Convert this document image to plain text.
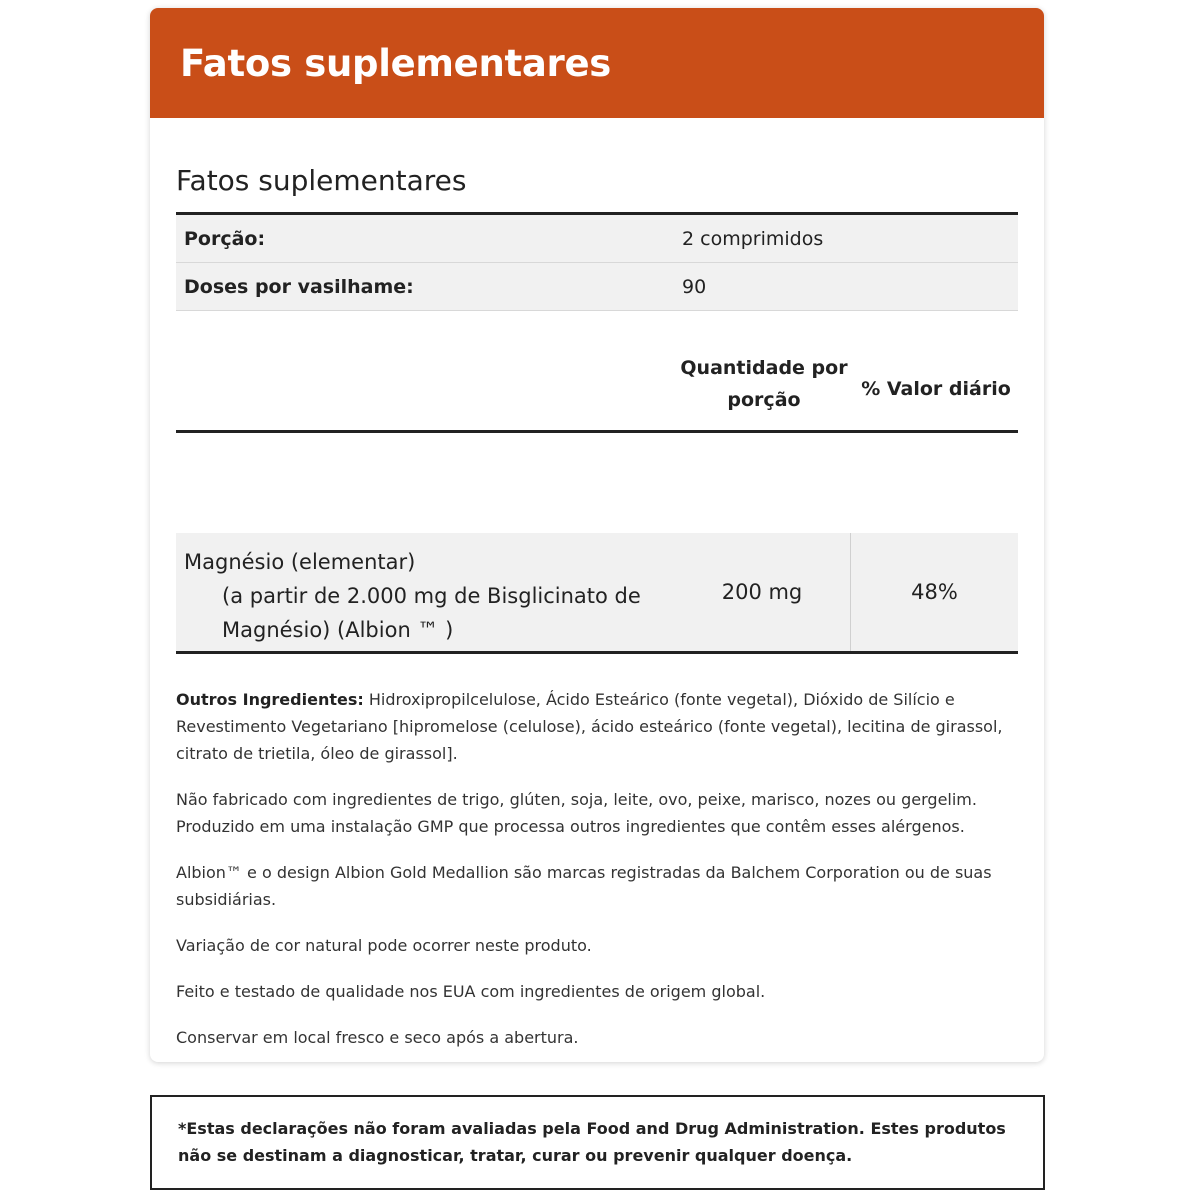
Fatos suplementares
Fatos suplementares
Porção:	2 comprimidos
Doses por vasilhame:	90
Quantidade por
porção	% Valor diário
Magnésio (elementar)
(a partir de 2.000 mg de Bisglicinato de
Magnésio) (Albion ™ )
200 mg	48%

Outros Ingredientes: Hidroxipropilcelulose, Ácido Esteárico (fonte vegetal), Dióxido de Silício e Revestimento Vegetariano [hipromelose (celulose), ácido esteárico (fonte vegetal), lecitina de girassol, citrato de trietila, óleo de girassol].

Não fabricado com ingredientes de trigo, glúten, soja, leite, ovo, peixe, marisco, nozes ou gergelim. Produzido em uma instalação GMP que processa outros ingredientes que contêm esses alérgenos.

Albion™ e o design Albion Gold Medallion são marcas registradas da Balchem Corporation ou de suas subsidiárias.

Variação de cor natural pode ocorrer neste produto.

Feito e testado de qualidade nos EUA com ingredientes de origem global.

Conservar em local fresco e seco após a abertura.

*Estas declarações não foram avaliadas pela Food and Drug Administration. Estes produtos não se destinam a diagnosticar, tratar, curar ou prevenir qualquer doença.
